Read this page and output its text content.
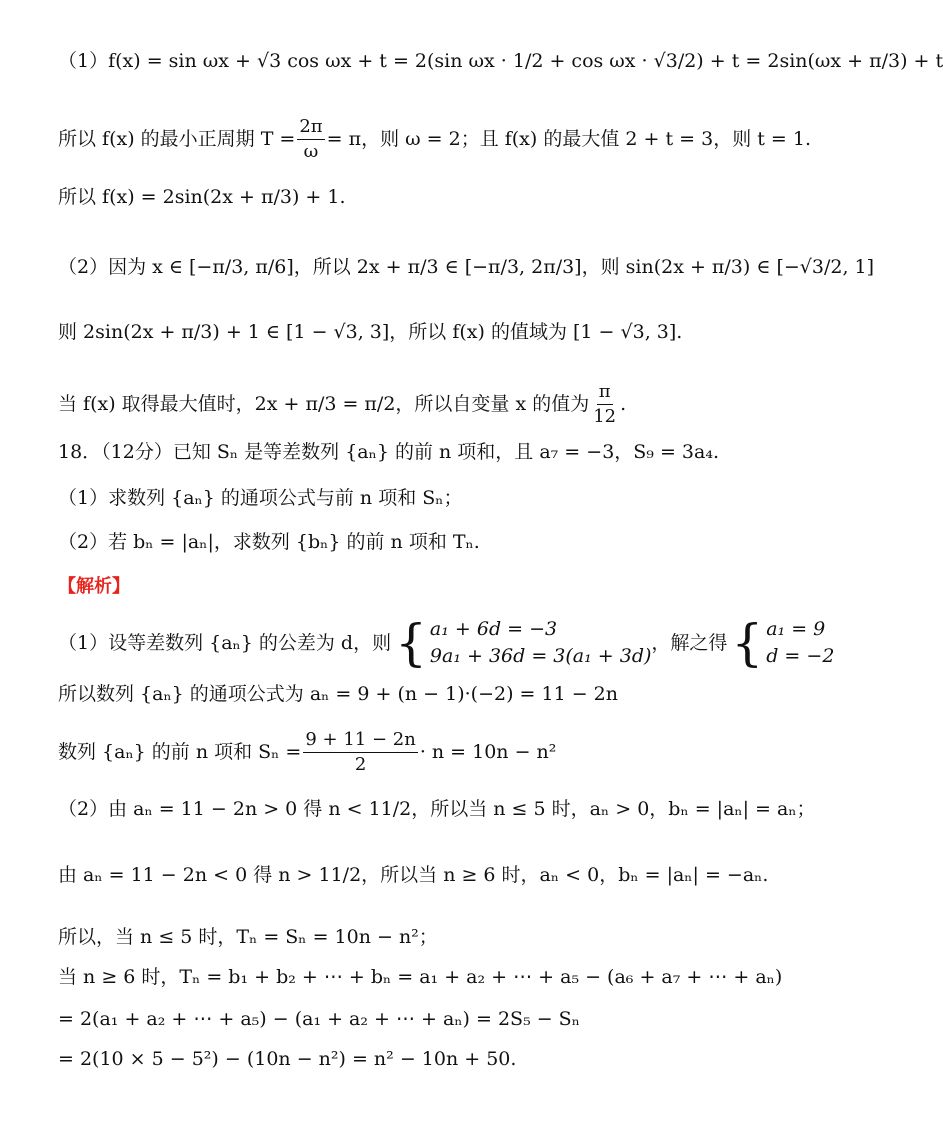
（1）f(x) = sin ωx + √3 cos ωx + t = 2(sin ωx · 1/2 + cos ωx · √3/2) + t = 2sin(ωx + π/3) + t
所以 f(x) 的最小正周期 $T = \frac{2\pi}{\omega} = \pi$，则 ω = 2；且 f(x) 的最大值 2 + t = 3，则 t = 1.
所以 f(x) = 2sin(2x + π/3) + 1.
（2）因为 x ∈ [−π/3, π/6]，所以 2x + π/3 ∈ [−π/3, 2π/3]，则 sin(2x + π/3) ∈ [−√3/2, 1]
则 2sin(2x + π/3) + 1 ∈ [1 − √3, 3]，所以 f(x) 的值域为 [1 − √3, 3].
当 f(x) 取得最大值时，2x + π/3 = π/2，所以自变量 x 的值为 $\frac{\pi}{12}$ .
18．（12分）已知 Sₙ 是等差数列 {aₙ} 的前 n 项和，且 a₇ = −3，S₉ = 3a₄.
（1）求数列 {aₙ} 的通项公式与前 n 项和 Sₙ；
（2）若 bₙ = |aₙ|，求数列 {bₙ} 的前 n 项和 Tₙ.
【解析】
（1）设等差数列 {aₙ} 的公差为 d，则 { a₁ + 6d = −3
9a₁ + 36d = 3(a₁ + 3d)
，解之得 { a₁ = 9
d = −2
所以数列 {aₙ} 的通项公式为 aₙ = 9 + (n − 1)·(−2) = 11 − 2n
数列 {aₙ} 的前 n 项和 $S_n = \frac{9 + 11 - 2n}{2} \cdot n = 10n - n^2$
（2）由 aₙ = 11 − 2n > 0 得 n < 11/2，所以当 n ≤ 5 时，aₙ > 0，bₙ = |aₙ| = aₙ；
由 aₙ = 11 − 2n < 0 得 n > 11/2，所以当 n ≥ 6 时，aₙ < 0，bₙ = |aₙ| = −aₙ.
所以，当 n ≤ 5 时，Tₙ = Sₙ = 10n − n²；
当 n ≥ 6 时，Tₙ = b₁ + b₂ + ⋯ + bₙ = a₁ + a₂ + ⋯ + a₅ − (a₆ + a₇ + ⋯ + aₙ)
= 2(a₁ + a₂ + ⋯ + a₅) − (a₁ + a₂ + ⋯ + aₙ) = 2S₅ − Sₙ
= 2(10 × 5 − 5²) − (10n − n²) = n² − 10n + 50.
